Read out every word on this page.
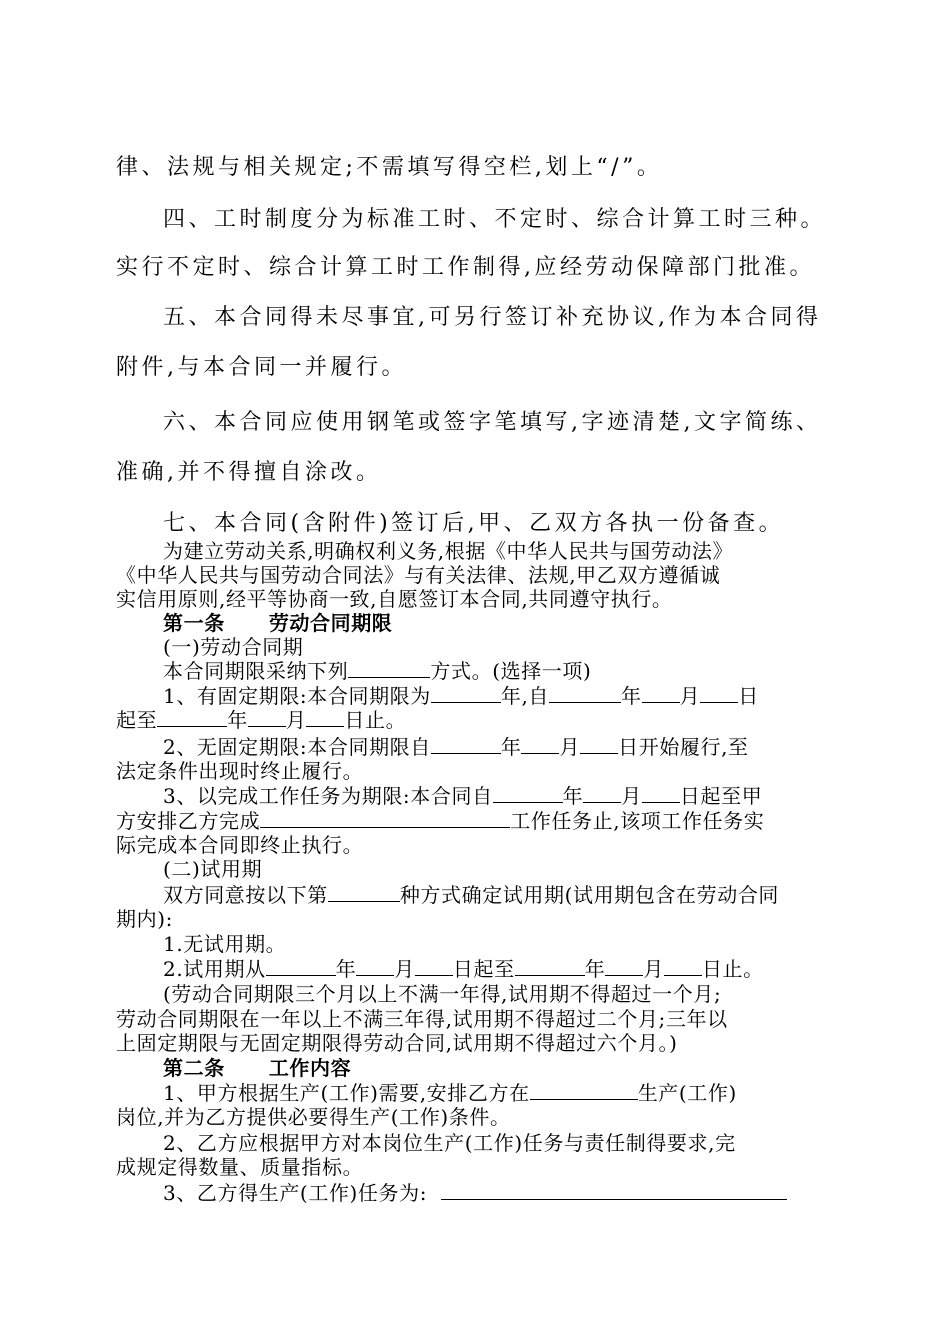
律、法规与相关规定;不需填写得空栏,划上“/”。
四、工时制度分为标准工时、不定时、综合计算工时三种。
实行不定时、综合计算工时工作制得,应经劳动保障部门批准。
五、本合同得未尽事宜,可另行签订补充协议,作为本合同得
附件,与本合同一并履行。
六、本合同应使用钢笔或签字笔填写,字迹清楚,文字简练、
准确,并不得擅自涂改。
七、本合同(含附件)签订后,甲、乙双方各执一份备查。
为建立劳动关系,明确权利义务,根据《中华人民共与国劳动法》
《中华人民共与国劳动合同法》与有关法律、法规,甲乙双方遵循诚
实信用原则,经平等协商一致,自愿签订本合同,共同遵守执行。
第一条 劳动合同期限
(一)劳动合同期
本合同期限采纳下列	方式。(选择一项)
1、有固定期限:本合同期限为	年,自	年 月 日
起至	年 月 日止。
2、无固定期限:本合同期限自	年 月 日开始履行,至
法定条件出现时终止履行。
3、以完成工作任务为期限:本合同自	年 月 日起至甲
方安排乙方完成	工作任务止,该项工作任务实
际完成本合同即终止执行。
(二)试用期
双方同意按以下第	种方式确定试用期(试用期包含在劳动合同
期内):
1.无试用期。
2.试用期从	年 月 日起至	年 月 日止。
(劳动合同期限三个月以上不满一年得,试用期不得超过一个月;
劳动合同期限在一年以上不满三年得,试用期不得超过二个月;三年以
上固定期限与无固定期限得劳动合同,试用期不得超过六个月。)
第二条 工作内容
1、甲方根据生产(工作)需要,安排乙方在	生产(工作)
岗位,并为乙方提供必要得生产(工作)条件。
2、乙方应根据甲方对本岗位生产(工作)任务与责任制得要求,完
成规定得数量、质量指标。
3、乙方得生产(工作)任务为:
